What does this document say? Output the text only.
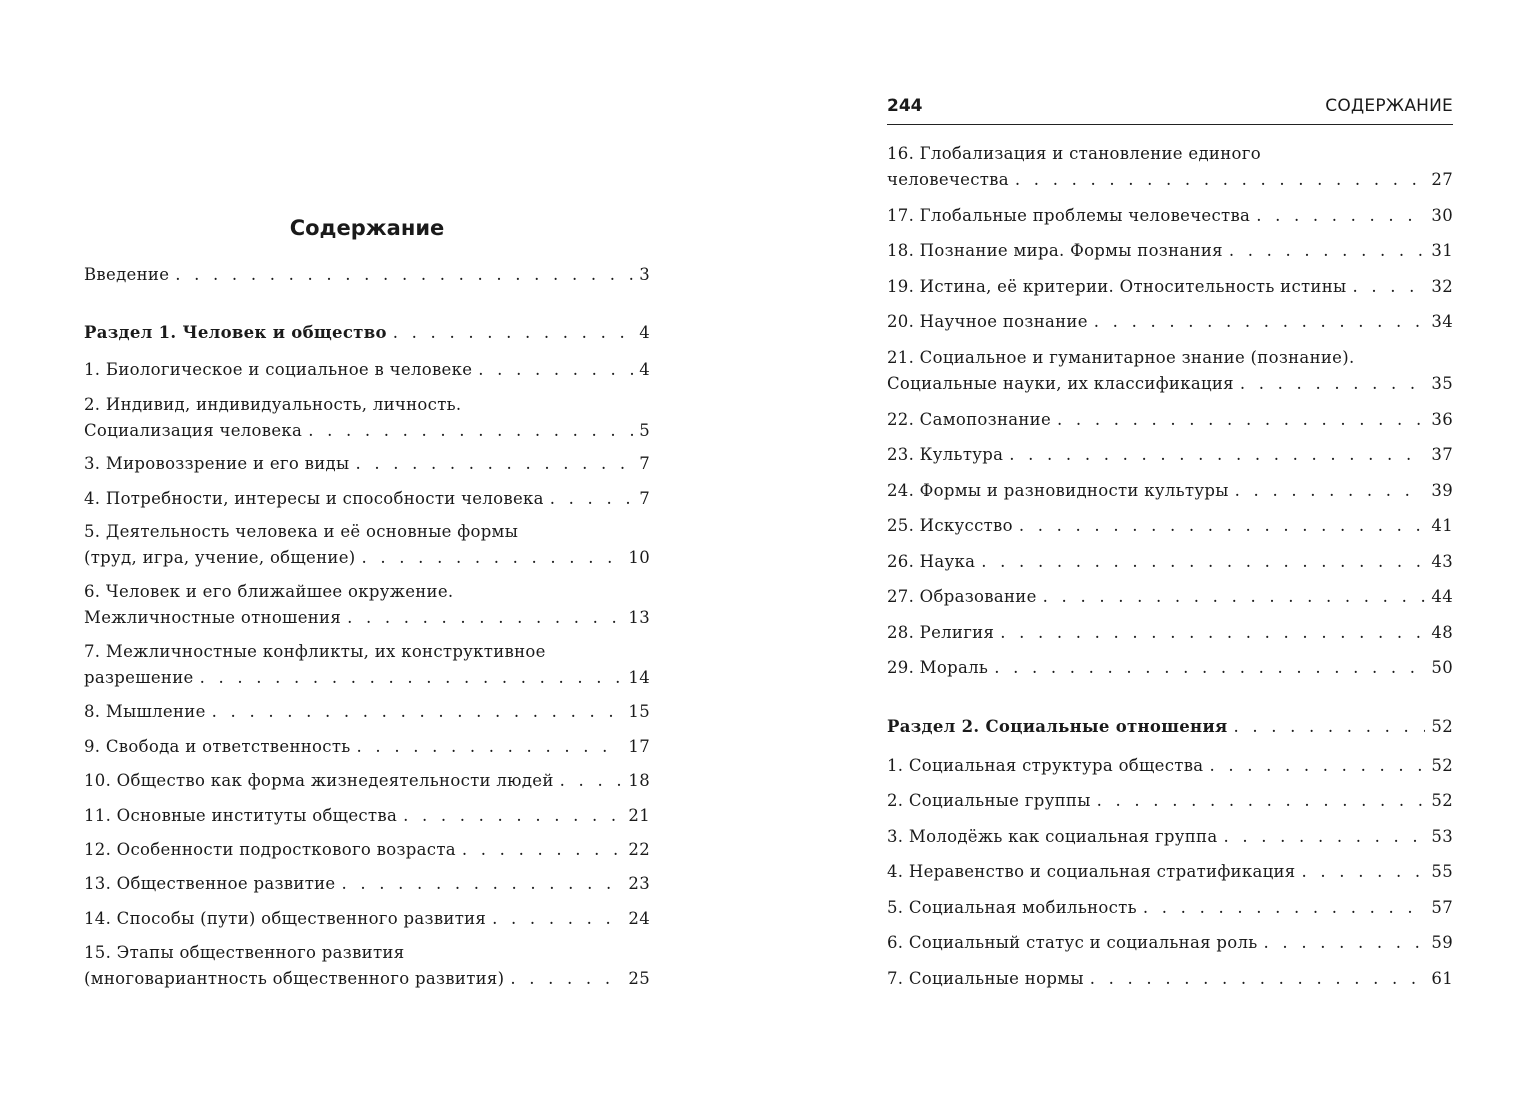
Содержание
Введение . . .	3
Раздел 1. Человек и общество . . .	4
1. Биологическое и социальное в человеке . . .	4
2. Индивид, индивидуальность, личность.
Социализация человека . . .	5
3. Мировоззрение и его виды . . .	7
4. Потребности, интересы и способности человека . . .	7
5. Деятельность человека и её основные формы
(труд, игра, учение, общение) . . .	10
6. Человек и его ближайшее окружение.
Межличностные отношения . . .	13
7. Межличностные конфликты, их конструктивное
разрешение . . .	14
8. Мышление . . .	15
9. Свобода и ответственность . . .	17
10. Общество как форма жизнедеятельности людей . . .	18
11. Основные институты общества . . .	21
12. Особенности подросткового возраста . . .	22
13. Общественное развитие . . .	23
14. Способы (пути) общественного развития . . .	24
15. Этапы общественного развития
(многовариантность общественного развития) . . .	25
244	СОДЕРЖАНИЕ
16. Глобализация и становление единого
человечества . . .	27
17. Глобальные проблемы человечества . . .	30
18. Познание мира. Формы познания . . .	31
19. Истина, её критерии. Относительность истины . . .	32
20. Научное познание . . .	34
21. Социальное и гуманитарное знание (познание).
Социальные науки, их классификация . . .	35
22. Самопознание . . .	36
23. Культура . . .	37
24. Формы и разновидности культуры . . .	39
25. Искусство . . .	41
26. Наука . . .	43
27. Образование . . .	44
28. Религия . . .	48
29. Мораль . . .	50
Раздел 2. Социальные отношения . . .	52
1. Социальная структура общества . . .	52
2. Социальные группы . . .	52
3. Молодёжь как социальная группа . . .	53
4. Неравенство и социальная стратификация . . .	55
5. Социальная мобильность . . .	57
6. Социальный статус и социальная роль . . .	59
7. Социальные нормы . . .	61
